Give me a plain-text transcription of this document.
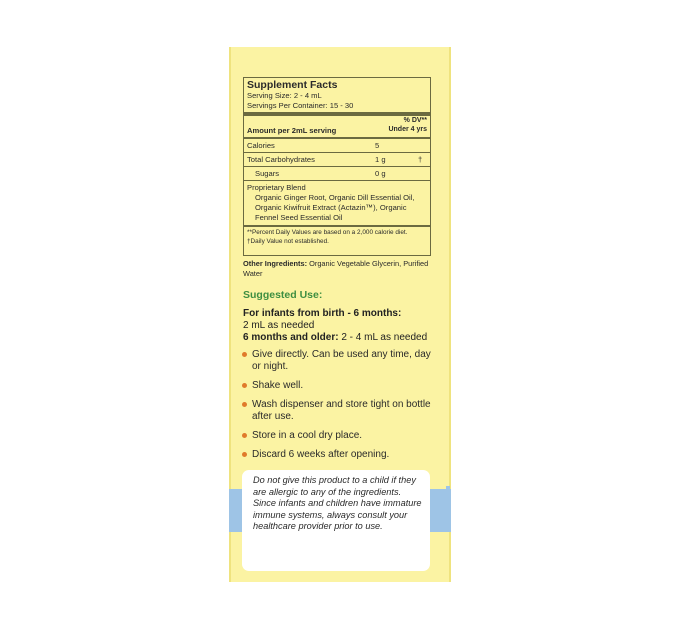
Supplement Facts
Serving Size: 2 - 4 mL
Servings Per Container: 15 - 30
% DV**
Under 4 yrs
Amount per 2mL serving
Calories	5
Total Carbohydrates	1 g	†
Sugars	0 g
Proprietary Blend
Organic Ginger Root, Organic Dill Essential Oil, Organic Kiwifruit Extract (Actazin™), Organic Fennel Seed Essential Oil
**Percent Daily Values are based on a 2,000 calorie diet.
†Daily Value not established.
Other Ingredients: Organic Vegetable Glycerin, Purified Water
Suggested Use:
For infants from birth - 6 months:
2 mL as needed
6 months and older: 2 - 4 mL as needed
Give directly. Can be used any time, day or night.
Shake well.
Wash dispenser and store tight on bottle after use.
Store in a cool dry place.
Discard 6 weeks after opening.
Do not give this product to a child if they are allergic to any of the ingredients. Since infants and children have immature immune systems, always consult your healthcare provider prior to use.
